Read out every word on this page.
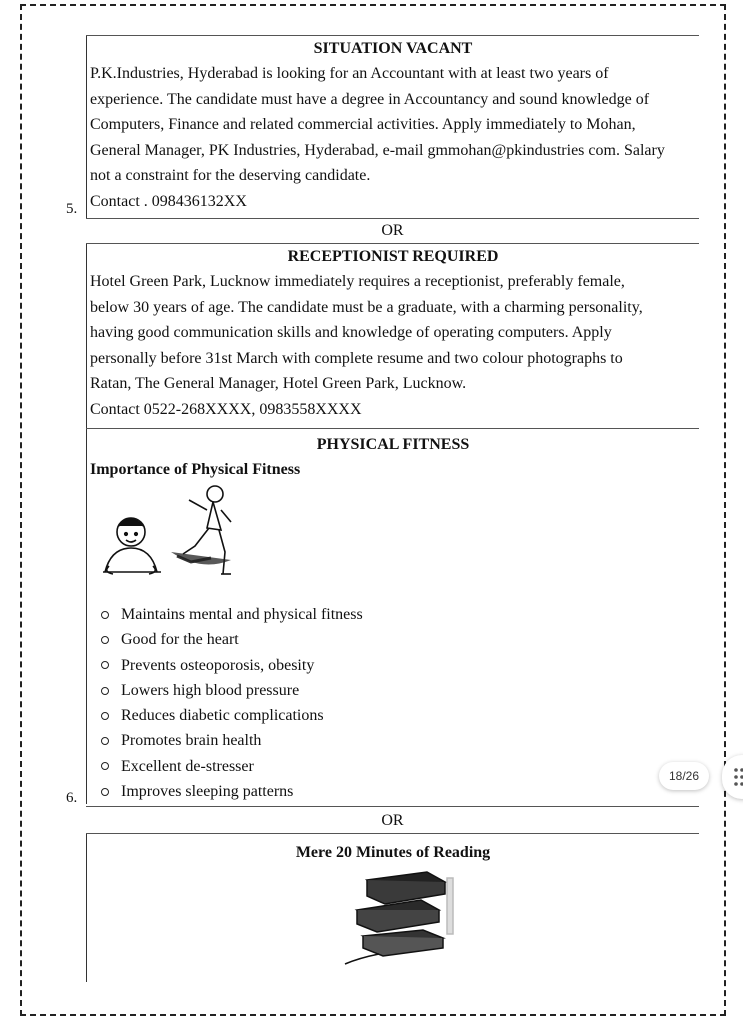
SITUATION VACANT
P.K.Industries, Hyderabad is looking for an Accountant with at least two years of
experience. The candidate must have a degree in Accountancy and sound knowledge of
Computers, Finance and related commercial activities. Apply immediately to Mohan,
General Manager, PK Industries, Hyderabad, e-mail gmmohan@pkindustries com. Salary
not a constraint for the deserving candidate.
Contact . 098436132XX
5.
OR
RECEPTIONIST REQUIRED
Hotel Green Park, Lucknow immediately requires a receptionist, preferably female,
below 30 years of age. The candidate must be a graduate, with a charming personality,
having good communication skills and knowledge of operating computers. Apply
personally before 31st March with complete resume and two colour photographs to
Ratan, The General Manager, Hotel Green Park, Lucknow.
Contact 0522-268XXXX, 0983558XXXX
PHYSICAL FITNESS
Importance of Physical Fitness
Maintains mental and physical fitness
Good for the heart
Prevents osteoporosis, obesity
Lowers high blood pressure
Reduces diabetic complications
Promotes brain health
Excellent de-stresser
Improves sleeping patterns
6.
OR
Mere 20 Minutes of Reading
18/26
